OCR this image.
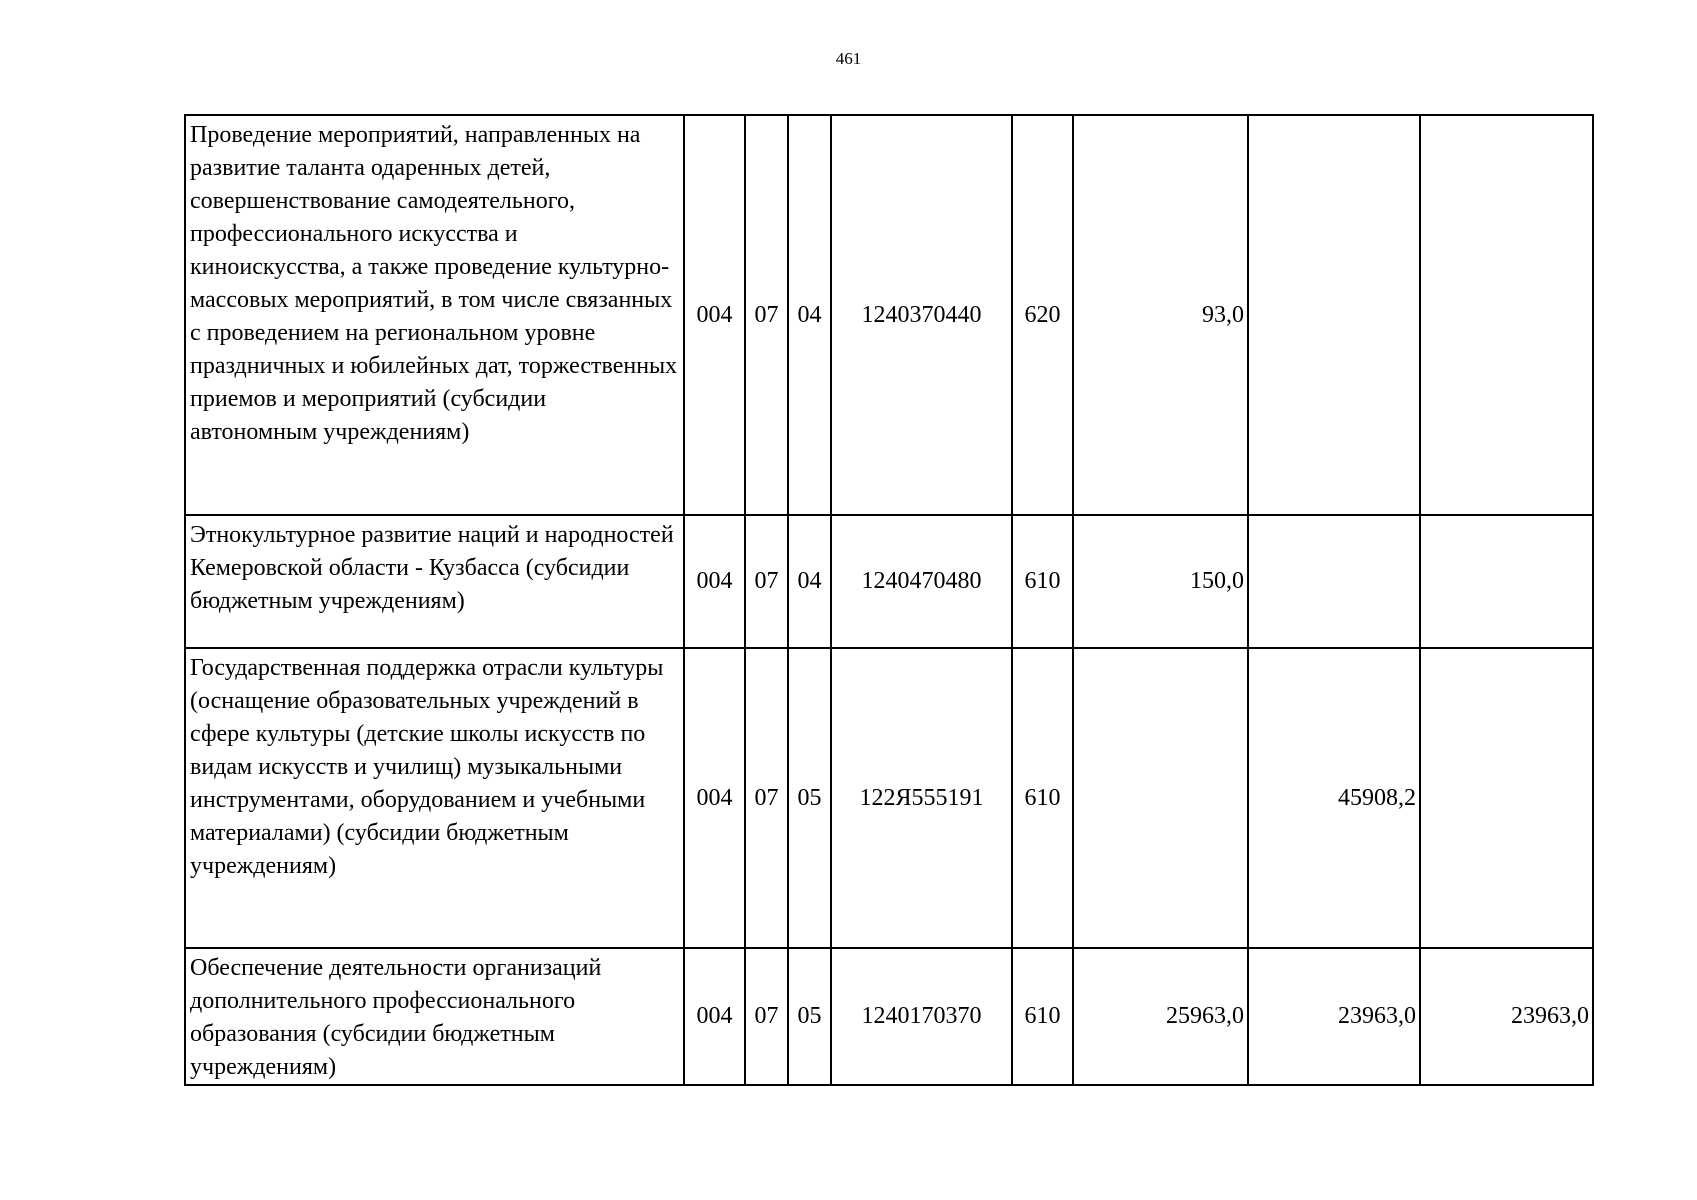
461
Проведение мероприятий, направленных на развитие таланта одаренных детей, совершенствование самодеятельного, профессионального искусства и киноискусства, а также проведение культурно-массовых мероприятий, в том числе связанных с проведением на региональном уровне праздничных и юбилейных дат, торжественных приемов и мероприятий (субсидии автономным учреждениям)	004	07	04	1240370440	620	93,0		
Этнокультурное развитие наций и народностей Кемеровской области - Кузбасса (субсидии бюджетным учреждениям)	004	07	04	1240470480	610	150,0		
Государственная поддержка отрасли культуры (оснащение образовательных учреждений в сфере культуры (детские школы искусств по видам искусств и училищ) музыкальными инструментами, оборудованием и учебными материалами) (субсидии бюджетным учреждениям)	004	07	05	122Я555191	610		45908,2	
Обеспечение деятельности организаций дополнительного профессионального образования (субсидии бюджетным учреждениям)	004	07	05	1240170370	610	25963,0	23963,0	23963,0
